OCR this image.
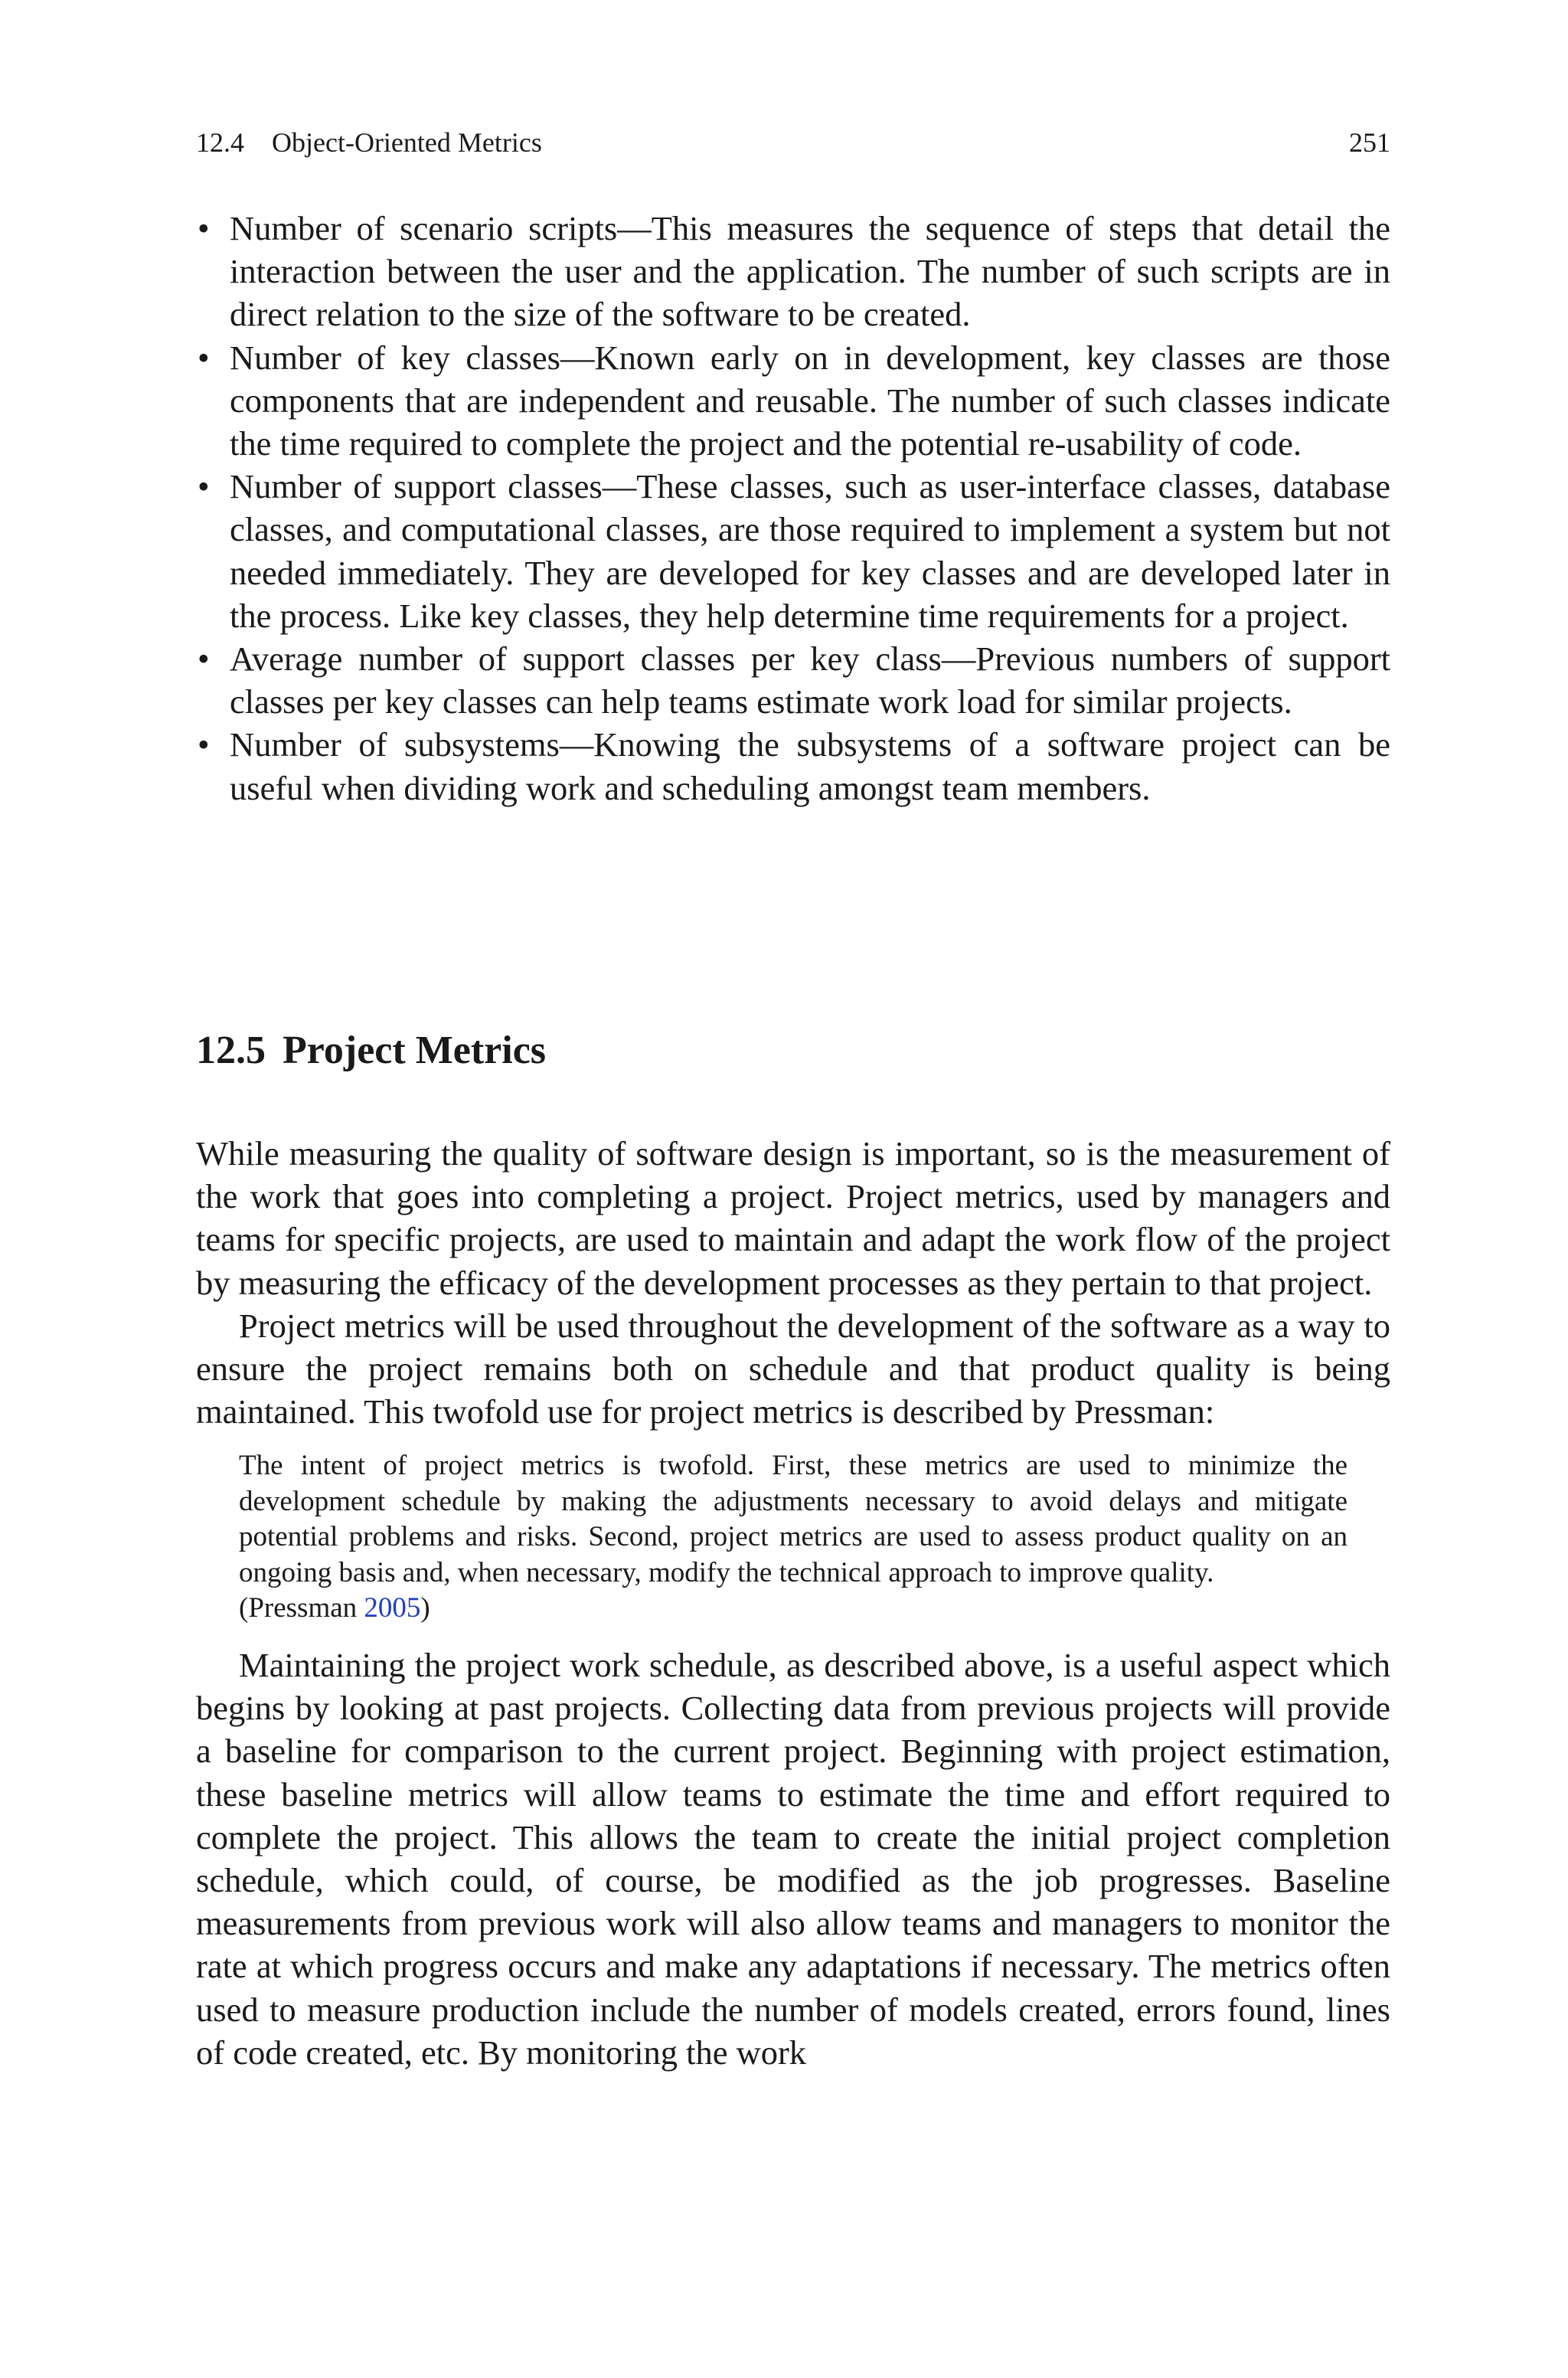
12.4 Object-Oriented Metrics	251
• Number of scenario scripts—This measures the sequence of steps that detail the interaction between the user and the application. The number of such scripts are in direct relation to the size of the software to be created.
• Number of key classes—Known early on in development, key classes are those components that are independent and reusable. The number of such classes indicate the time required to complete the project and the potential re-usability of code.
• Number of support classes—These classes, such as user-interface classes, database classes, and computational classes, are those required to implement a system but not needed immediately. They are developed for key classes and are developed later in the process. Like key classes, they help determine time requirements for a project.
• Average number of support classes per key class—Previous numbers of support classes per key classes can help teams estimate work load for similar projects.
• Number of subsystems—Knowing the subsystems of a software project can be useful when dividing work and scheduling amongst team members.
12.5 Project Metrics

While measuring the quality of software design is important, so is the measurement of the work that goes into completing a project. Project metrics, used by managers and teams for specific projects, are used to maintain and adapt the work flow of the project by measuring the efficacy of the development processes as they pertain to that project.

Project metrics will be used throughout the development of the software as a way to ensure the project remains both on schedule and that product quality is being maintained. This twofold use for project metrics is described by Pressman:

The intent of project metrics is twofold. First, these metrics are used to minimize the development schedule by making the adjustments necessary to avoid delays and mitigate potential problems and risks. Second, project metrics are used to assess product quality on an ongoing basis and, when necessary, modify the technical approach to improve quality.
(Pressman 2005)

Maintaining the project work schedule, as described above, is a useful aspect which begins by looking at past projects. Collecting data from previous projects will provide a baseline for comparison to the current project. Beginning with project estimation, these baseline metrics will allow teams to estimate the time and effort required to complete the project. This allows the team to create the initial project completion schedule, which could, of course, be modified as the job progresses. Baseline measurements from previous work will also allow teams and managers to monitor the rate at which progress occurs and make any adaptations if necessary. The metrics often used to measure production include the number of models created, errors found, lines of code created, etc. By monitoring the work
